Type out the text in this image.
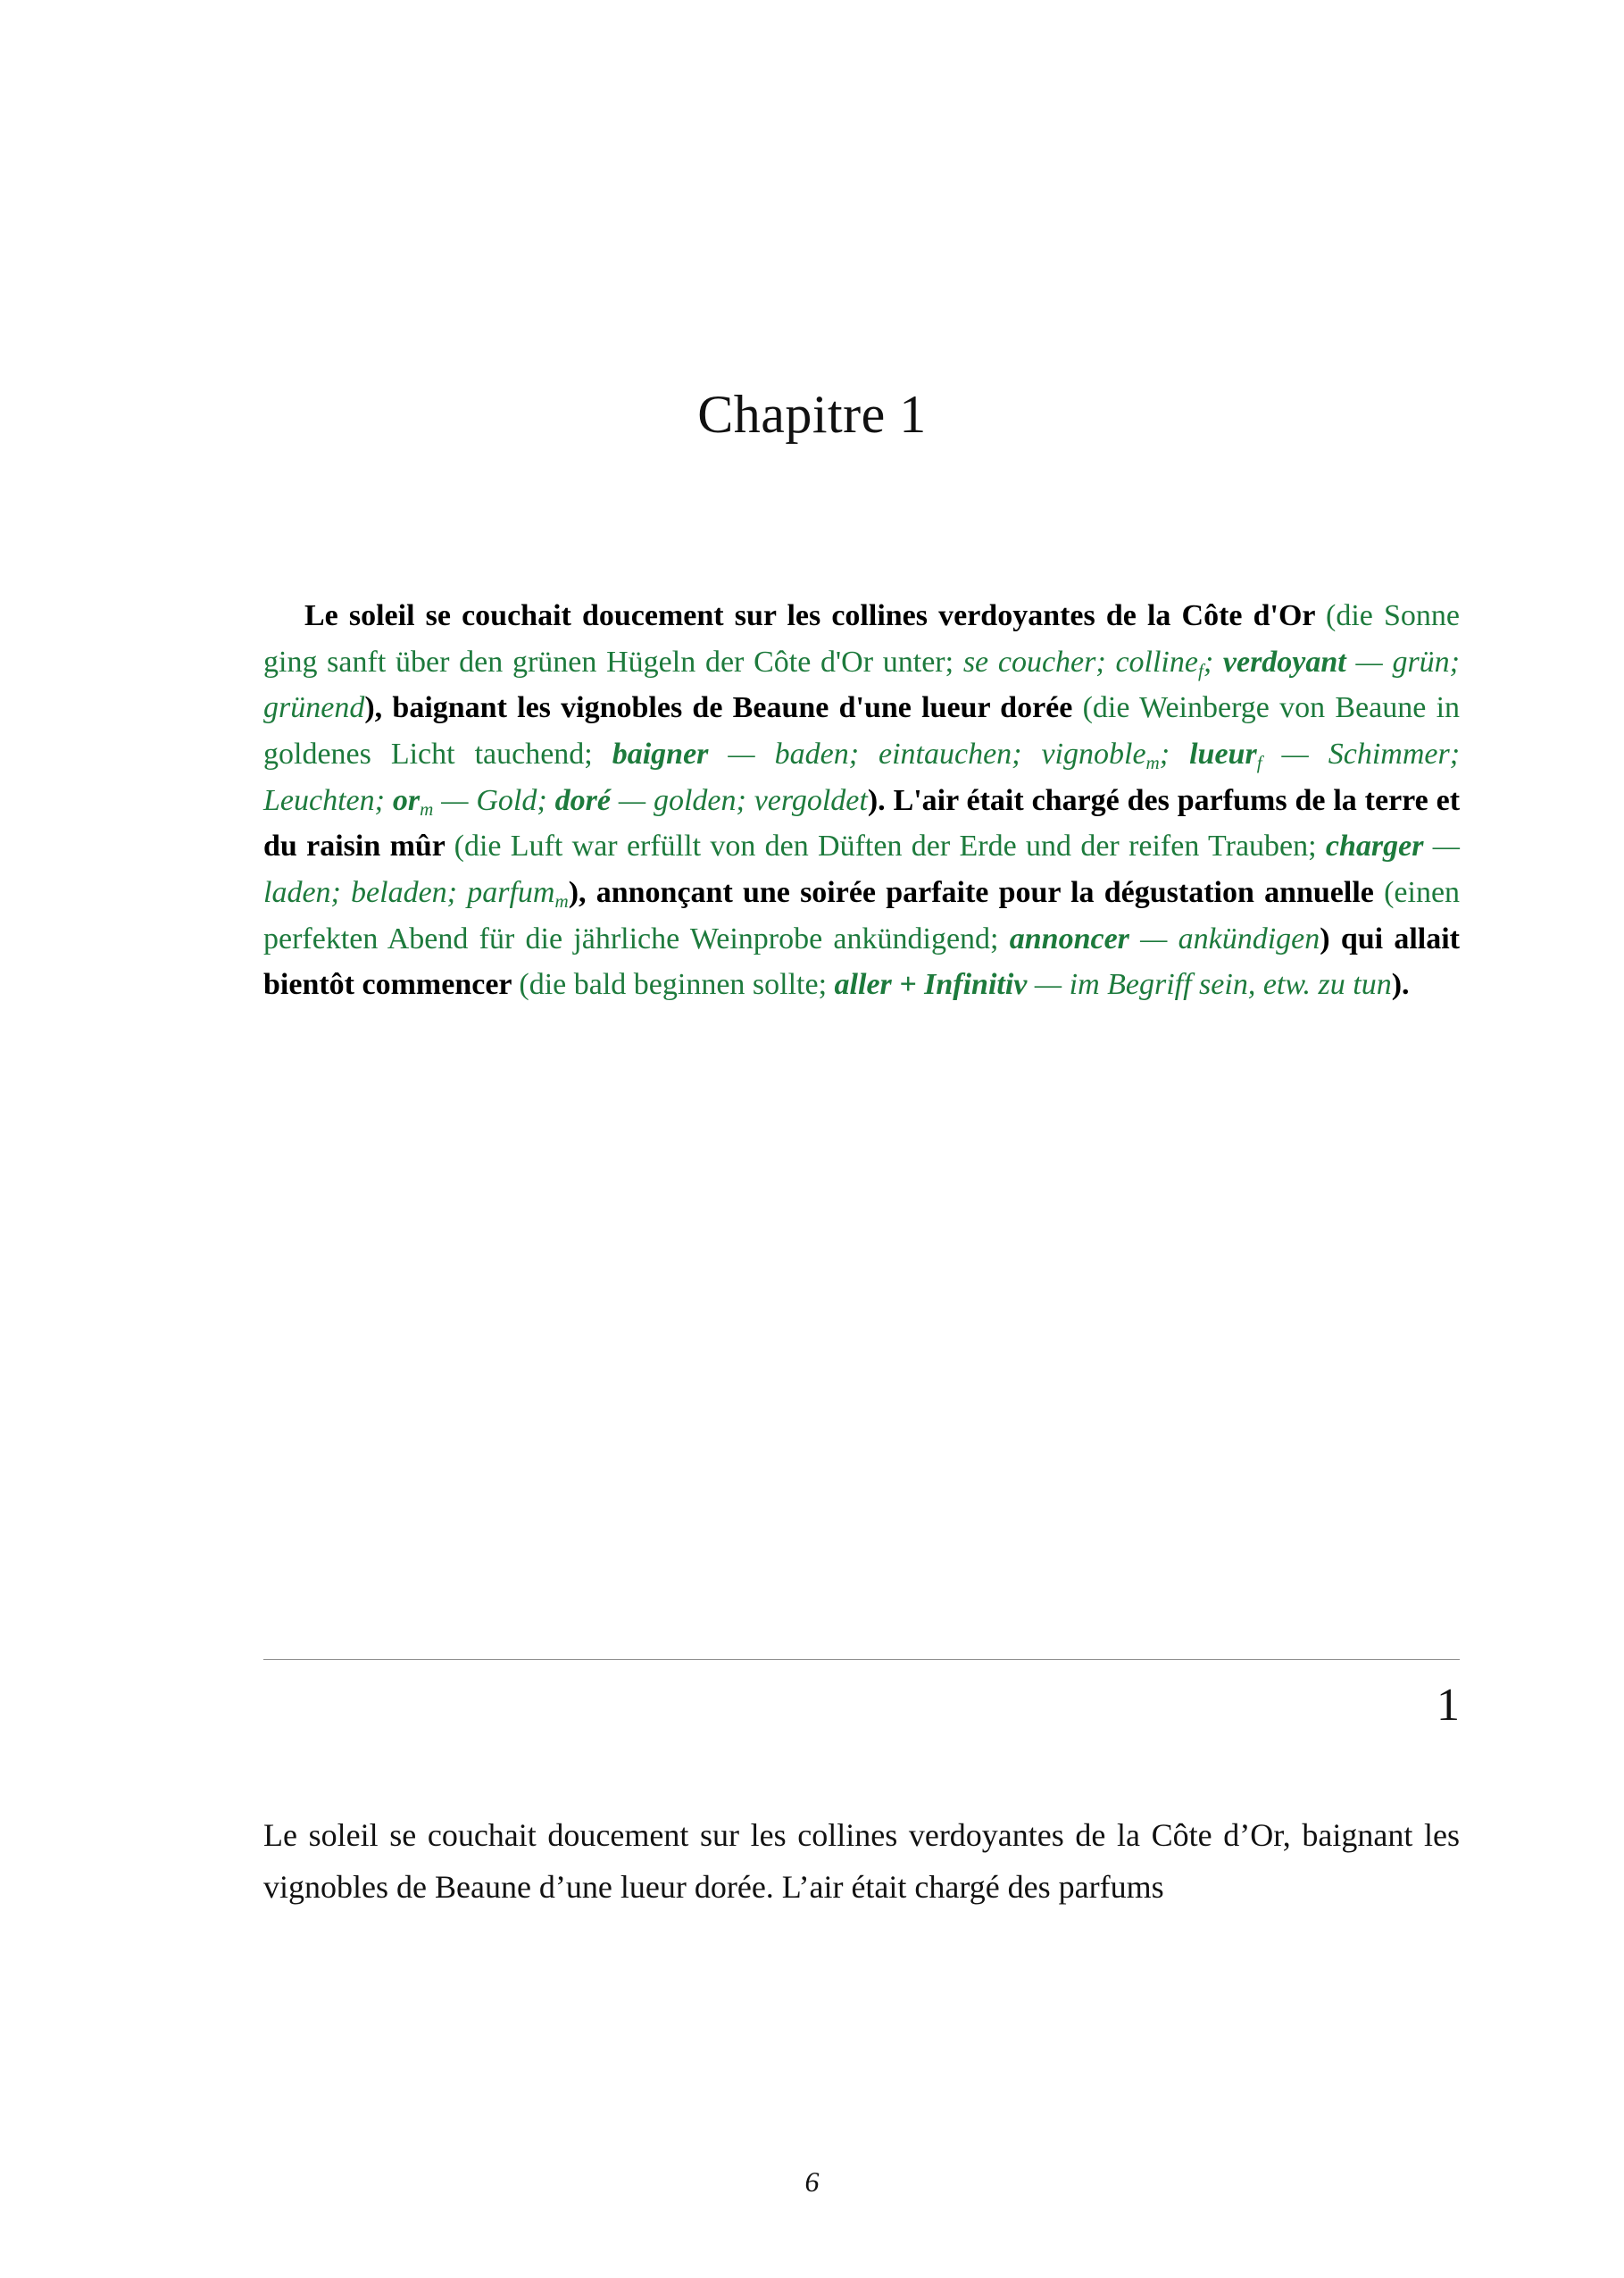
Chapitre 1

Le soleil se couchait doucement sur les collines verdoyantes de la Côte d'Or (die Sonne ging sanft über den grünen Hügeln der Côte d'Or unter; se coucher; colline$_f$; verdoyant — grün; grünend), baignant les vignobles de Beaune d'une lueur dorée (die Weinberge von Beaune in goldenes Licht tauchend; baigner — baden; eintauchen; vignoble$_m$; lueur$_f$ — Schimmer; Leuchten; $or_m$ — Gold; doré — golden; vergoldet). L'air était chargé des parfums de la terre et du raisin mûr (die Luft war erfüllt von den Düften der Erde und der reifen Trauben; charger — laden; beladen; parfum$_m$), annonçant une soirée parfaite pour la dégustation annuelle (einen perfekten Abend für die jährliche Weinprobe ankündigend; annoncer — ankündigen) qui allait bientôt commencer (die bald beginnen sollte; aller + Infinitiv — im Begriff sein, etw. zu tun).

1

Le soleil se couchait doucement sur les collines verdoyantes de la Côte d’Or, baignant les vignobles de Beaune d’une lueur dorée. L’air était chargé des parfums

6
